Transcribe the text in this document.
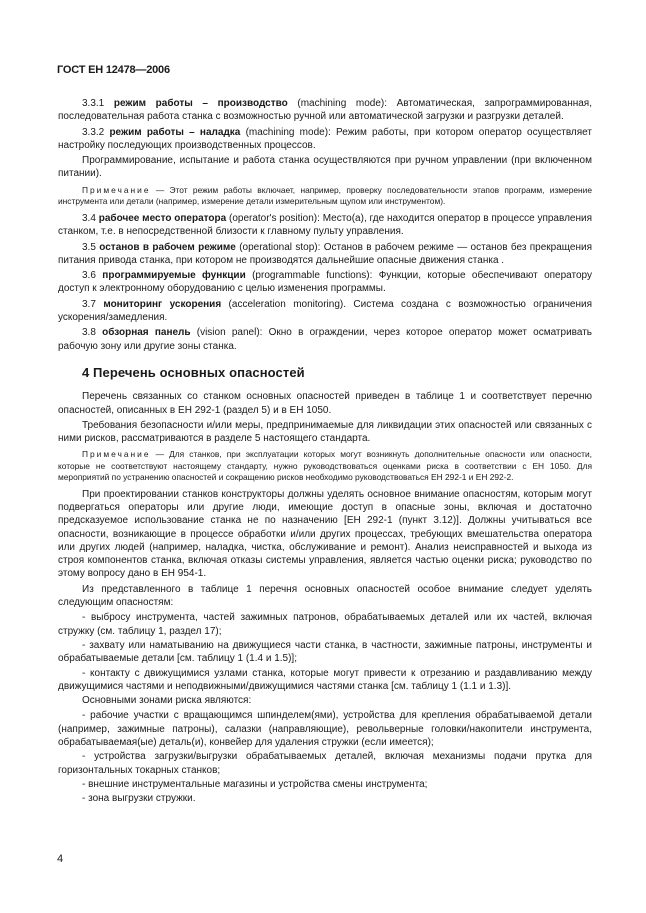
ГОСТ ЕН 12478—2006

3.3.1 режим работы – производство (machining mode): Автоматическая, запрограммированная, последовательная работа станка с возможностью ручной или автоматической загрузки и разгрузки деталей.

3.3.2 режим работы – наладка (machining mode): Режим работы, при котором оператор осуществляет настройку последующих производственных процессов.

Программирование, испытание и работа станка осуществляются при ручном управлении (при включенном питании).

Примечание — Этот режим работы включает, например, проверку последовательности этапов программ, измерение инструмента или детали (например, измерение детали измерительным щупом или инструментом).

3.4 рабочее место оператора (operator's position): Место(а), где находится оператор в процессе управления станком, т.е. в непосредственной близости к главному пульту управления.

3.5 останов в рабочем режиме (operational stop): Останов в рабочем режиме — останов без прекращения питания привода станка, при котором не производятся дальнейшие опасные движения станка .

3.6 программируемые функции (programmable functions): Функции, которые обеспечивают оператору доступ к электронному оборудованию с целью изменения программы.

3.7 мониторинг ускорения (acceleration monitoring). Система создана с возможностью ограничения ускорения/замедления.

3.8 обзорная панель (vision panel): Окно в ограждении, через которое оператор может осматривать рабочую зону или другие зоны станка.

4 Перечень основных опасностей

Перечень связанных со станком основных опасностей приведен в таблице 1 и соответствует перечню опасностей, описанных в ЕН 292-1 (раздел 5) и в ЕН 1050.

Требования безопасности и/или меры, предпринимаемые для ликвидации этих опасностей или связанных с ними рисков, рассматриваются в разделе 5 настоящего стандарта.

Примечание — Для станков, при эксплуатации которых могут возникнуть дополнительные опасности или опасности, которые не соответствуют настоящему стандарту, нужно руководствоваться оценками риска в соответствии с ЕН 1050. Для мероприятий по устранению опасностей и сокращению рисков необходимо руководствоваться ЕН 292-1 и ЕН 292-2.

При проектировании станков конструкторы должны уделять основное внимание опасностям, которым могут подвергаться операторы или другие люди, имеющие доступ в опасные зоны, включая и достаточно предсказуемое использование станка не по назначению [ЕН 292-1 (пункт 3.12)]. Должны учитываться все опасности, возникающие в процессе обработки и/или других процессах, требующих вмешательства оператора или других людей (например, наладка, чистка, обслуживание и ремонт). Анализ неисправностей и выхода из строя компонентов станка, включая отказы системы управления, является частью оценки риска; руководство по этому вопросу дано в ЕН 954-1.

Из представленного в таблице 1 перечня основных опасностей особое внимание следует уделять следующим опасностям:

- выбросу инструмента, частей зажимных патронов, обрабатываемых деталей или их частей, включая стружку (см. таблицу 1, раздел 17);

- захвату или наматыванию на движущиеся части станка, в частности, зажимные патроны, инструменты и обрабатываемые детали [см. таблицу 1 (1.4 и 1.5)];

- контакту с движущимися узлами станка, которые могут привести к отрезанию и раздавливанию между движущимися частями и неподвижными/движущимися частями станка [см. таблицу 1 (1.1 и 1.3)].

Основными зонами риска являются:

- рабочие участки с вращающимся шпинделем(ями), устройства для крепления обрабатываемой детали (например, зажимные патроны), салазки (направляющие), револьверные головки/накопители инструмента, обрабатываемая(ые) деталь(и), конвейер для удаления стружки (если имеется);

- устройства загрузки/выгрузки обрабатываемых деталей, включая механизмы подачи прутка для горизонтальных токарных станков;

- внешние инструментальные магазины и устройства смены инструмента;

- зона выгрузки стружки.

4
